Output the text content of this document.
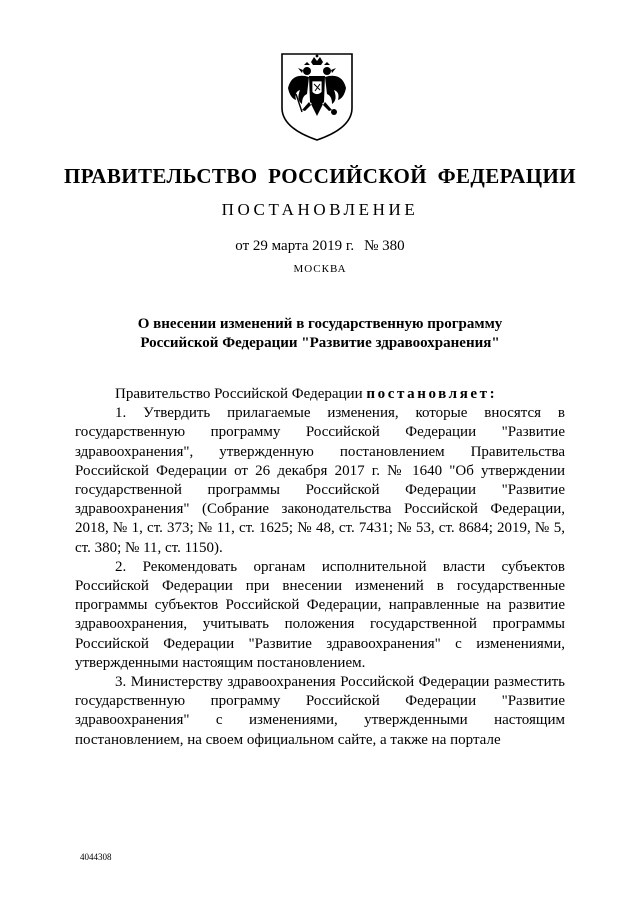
ПРАВИТЕЛЬСТВО РОССИЙСКОЙ ФЕДЕРАЦИИ
ПОСТАНОВЛЕНИЕ
от 29 марта 2019 г. № 380
МОСКВА
О внесении изменений в государственную программу
Российской Федерации "Развитие здравоохранения"

Правительство Российской Федерации постановляет:

1. Утвердить прилагаемые изменения, которые вносятся в государственную программу Российской Федерации "Развитие здравоохранения", утвержденную постановлением Правительства Российской Федерации от 26 декабря 2017 г. № 1640 "Об утверждении государственной программы Российской Федерации "Развитие здравоохранения" (Собрание законодательства Российской Федерации, 2018, № 1, ст. 373; № 11, ст. 1625; № 48, ст. 7431; № 53, ст. 8684; 2019, № 5, ст. 380; № 11, ст. 1150).

2. Рекомендовать органам исполнительной власти субъектов Российской Федерации при внесении изменений в государственные программы субъектов Российской Федерации, направленные на развитие здравоохранения, учитывать положения государственной программы Российской Федерации "Развитие здравоохранения" с изменениями, утвержденными настоящим постановлением.

3. Министерству здравоохранения Российской Федерации разместить государственную программу Российской Федерации "Развитие здравоохранения" с изменениями, утвержденными настоящим постановлением, на своем официальном сайте, а также на портале

4044308
